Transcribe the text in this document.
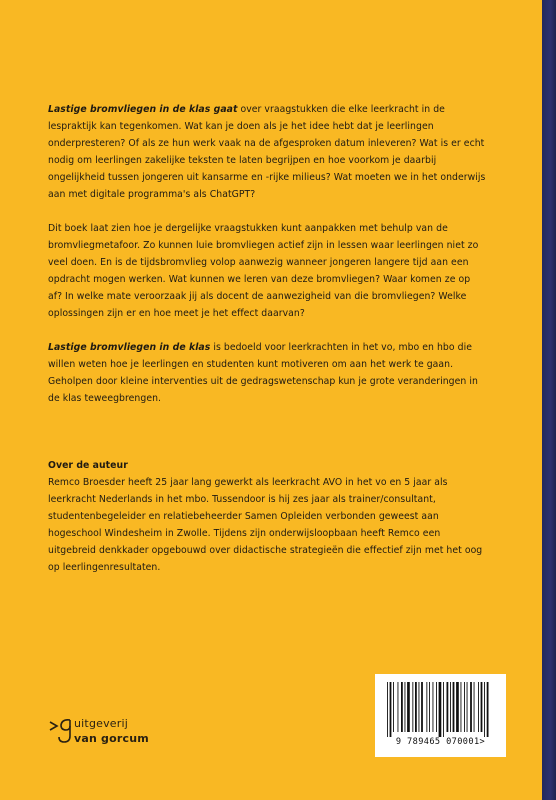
Lastige bromvliegen in de klas gaat over vraagstukken die elke leerkracht in de lespraktijk kan tegenkomen. Wat kan je doen als je het idee hebt dat je leerlingen onderpresteren? Of als ze hun werk vaak na de afgesproken datum inleveren? Wat is er echt nodig om leerlingen zakelijke teksten te laten begrijpen en hoe voorkom je daarbij ongelijkheid tussen jongeren uit kansarme en -rijke milieus? Wat moeten we in het onderwijs aan met digitale programma's als ChatGPT?

Dit boek laat zien hoe je dergelijke vraagstukken kunt aanpakken met behulp van de bromvliegmetafoor. Zo kunnen luie bromvliegen actief zijn in lessen waar leerlingen niet zo veel doen. En is de tijdsbromvlieg volop aanwezig wanneer jongeren langere tijd aan een opdracht mogen werken. Wat kunnen we leren van deze bromvliegen? Waar komen ze op af? In welke mate veroorzaak jij als docent de aanwezigheid van die bromvliegen? Welke oplossingen zijn er en hoe meet je het effect daarvan?

Lastige bromvliegen in de klas is bedoeld voor leerkrachten in het vo, mbo en hbo die willen weten hoe je leerlingen en studenten kunt motiveren om aan het werk te gaan. Geholpen door kleine interventies uit de gedragswetenschap kun je grote veranderingen in de klas teweegbrengen.

Over de auteur

Remco Broesder heeft 25 jaar lang gewerkt als leerkracht AVO in het vo en 5 jaar als leerkracht Nederlands in het mbo. Tussendoor is hij zes jaar als trainer/consultant, studentenbegeleider en relatiebeheerder Samen Opleiden verbonden geweest aan hogeschool Windesheim in Zwolle. Tijdens zijn onderwijsloopbaan heeft Remco een uitgebreid denkkader opgebouwd over didactische strategieën die effectief zijn met het oog op leerlingenresultaten.

uitgeverij
van gorcum	9 789465 070001>
